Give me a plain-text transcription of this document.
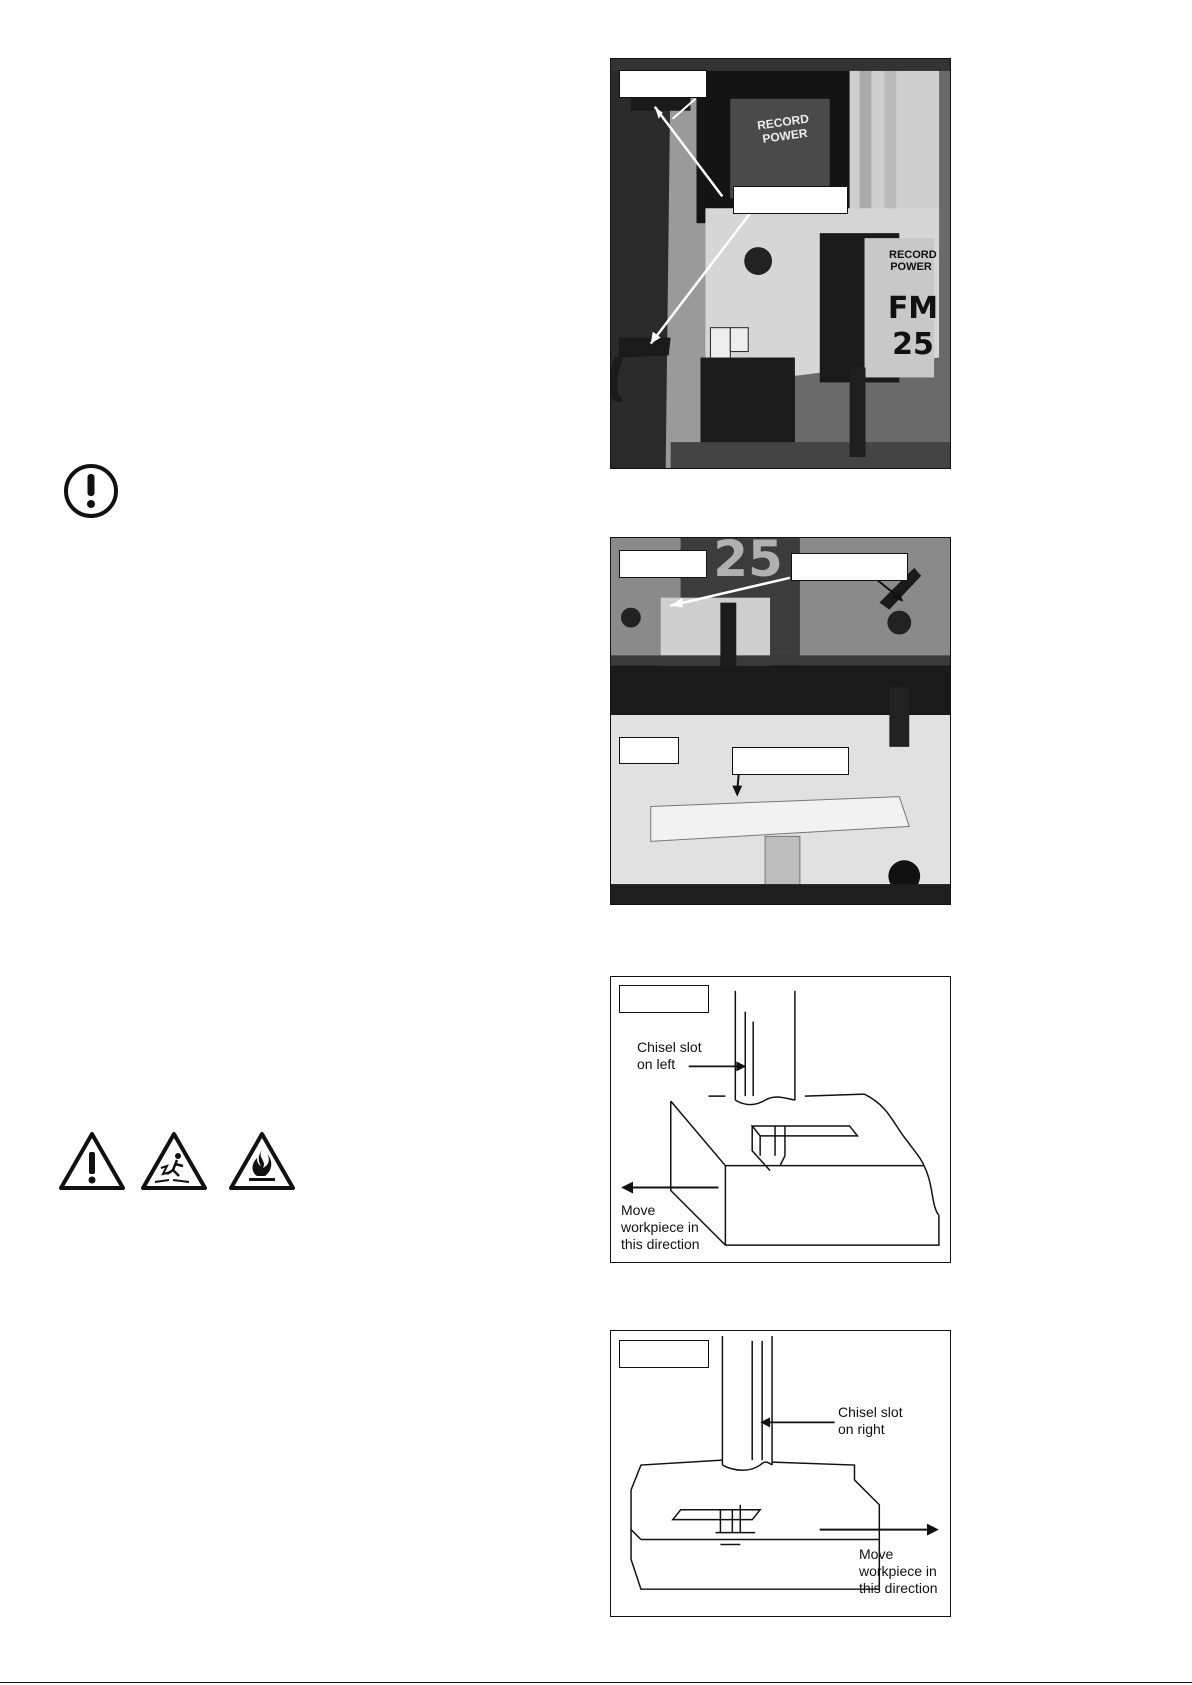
RECORD POWER
RECORD POWER
FM
25
25
Chisel slot
on left
Move
workpiece in
this direction
Chisel slot
on right
Move
workpiece in
this direction
